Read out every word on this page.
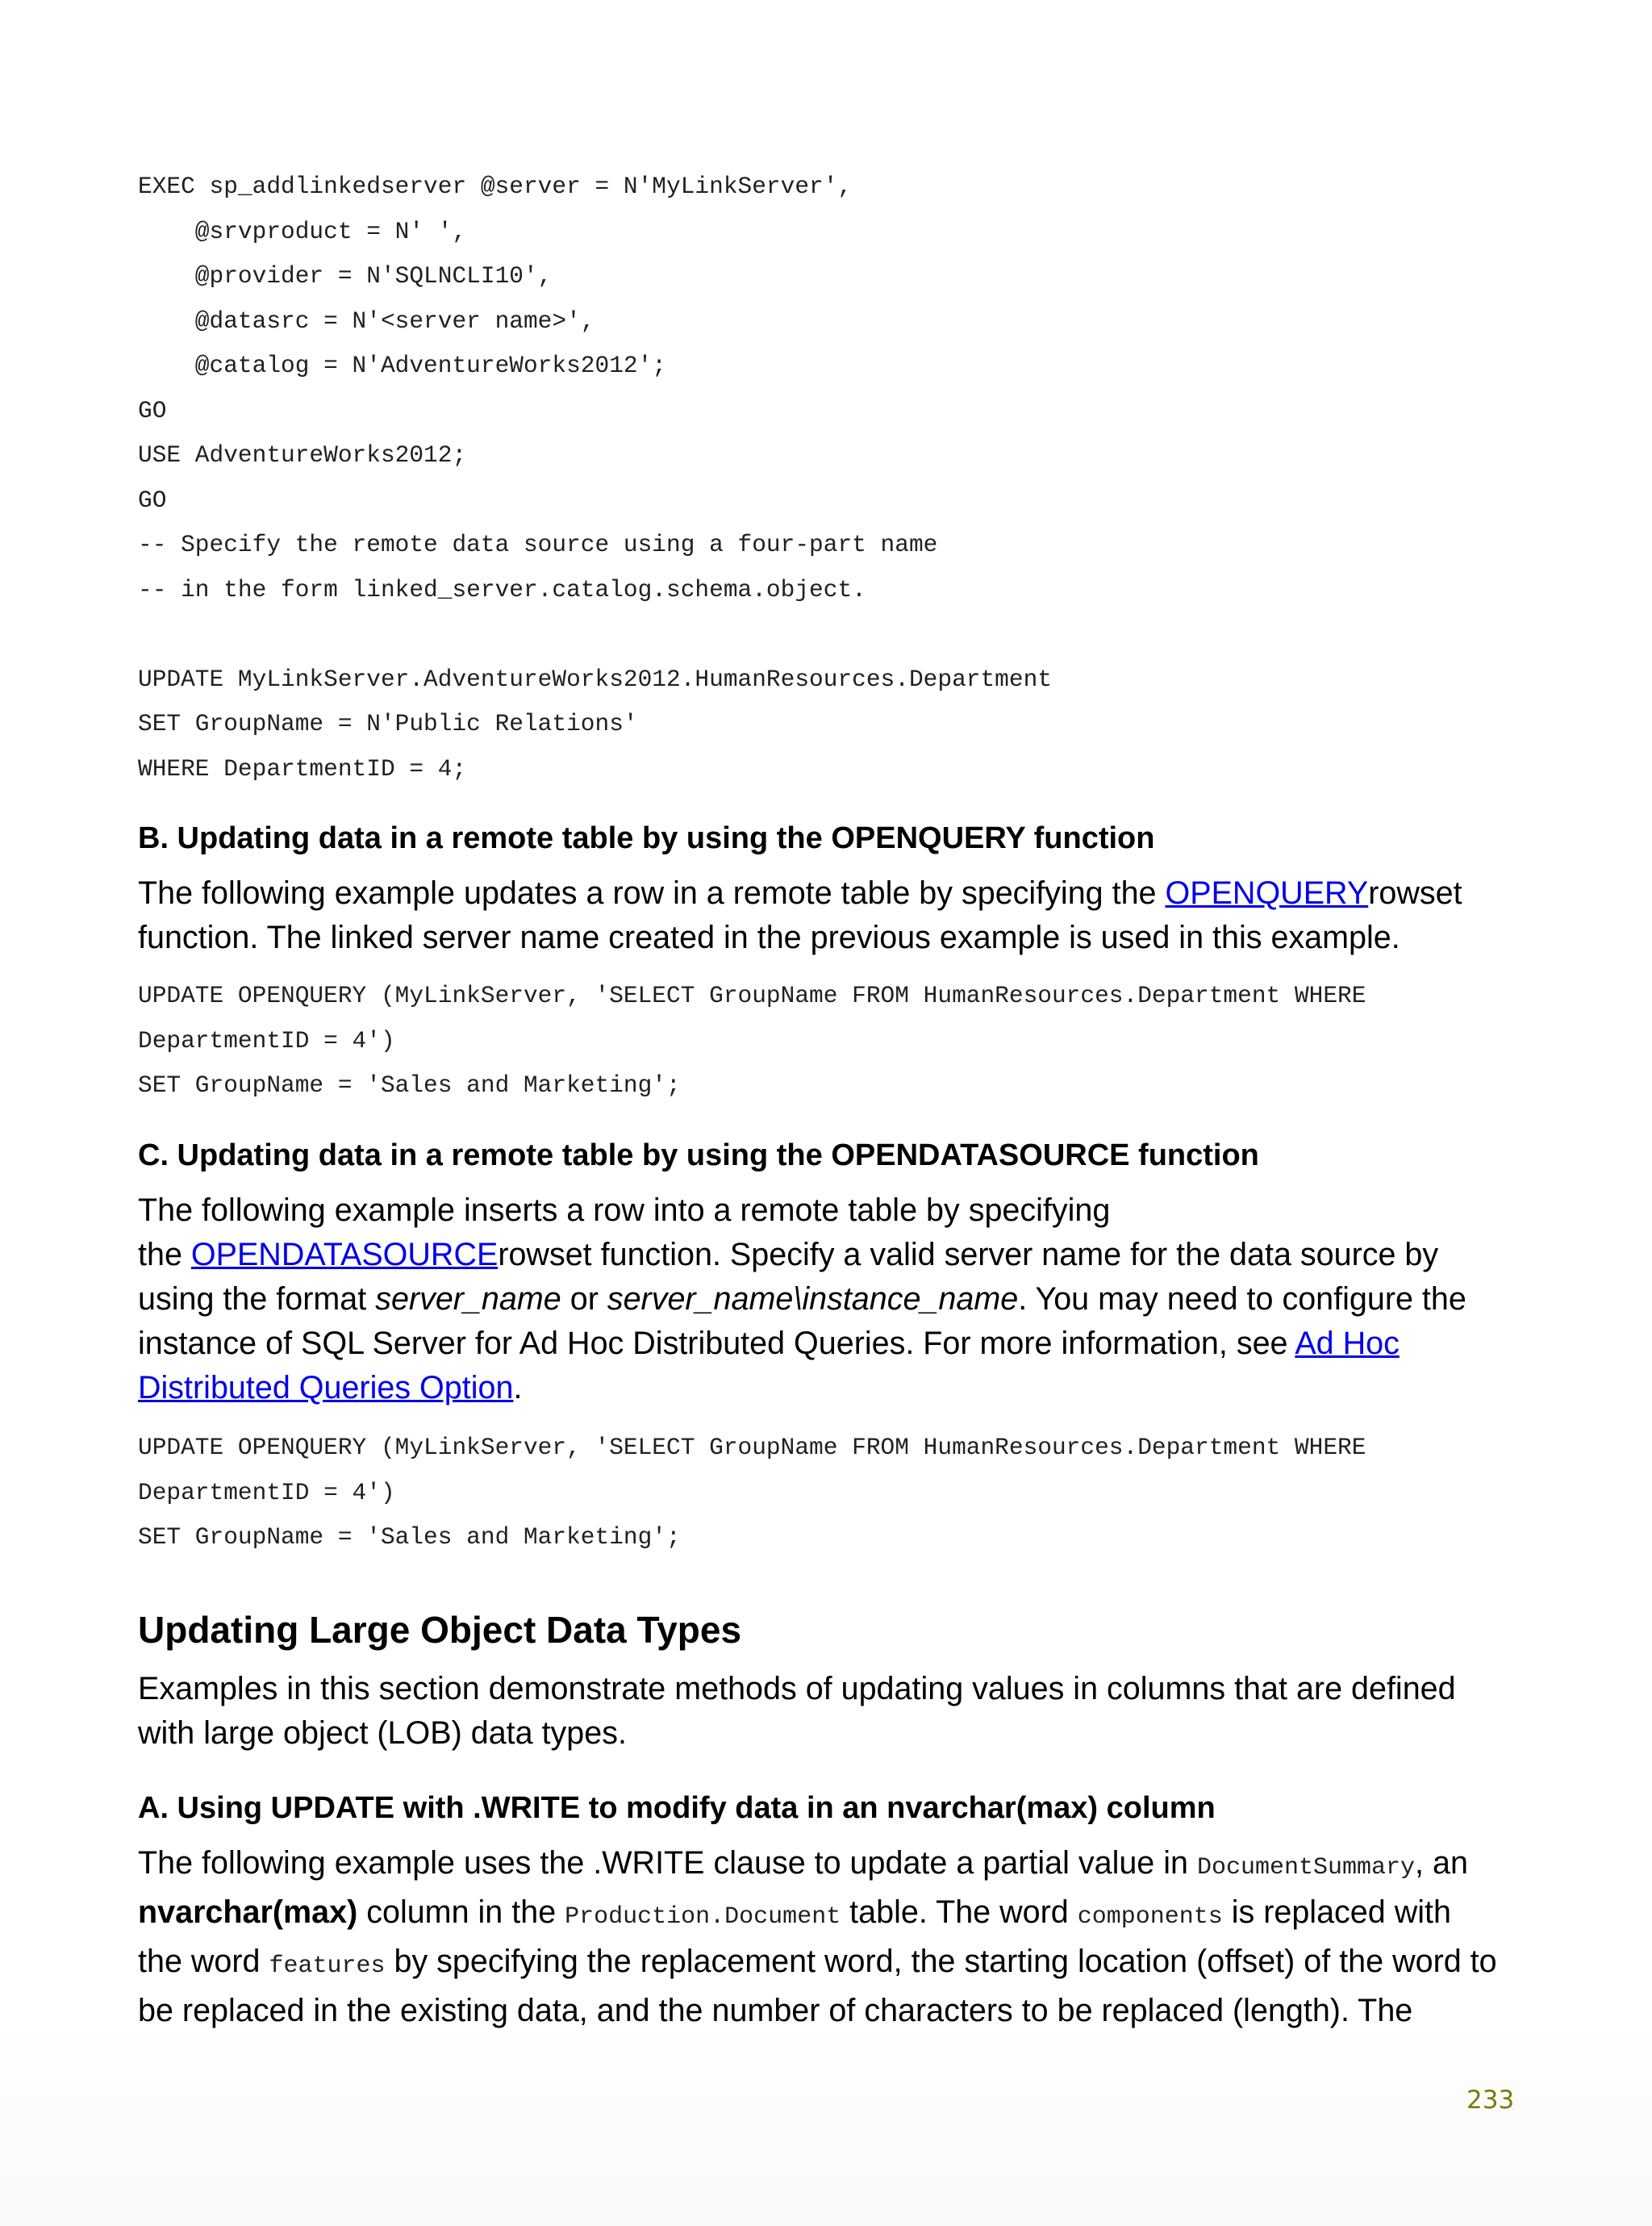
EXEC sp_addlinkedserver @server = N'MyLinkServer',
@srvproduct = N' ',
@provider = N'SQLNCLI10',
@datasrc = N'<server name>',
@catalog = N'AdventureWorks2012';
GO
USE AdventureWorks2012;
GO
-- Specify the remote data source using a four-part name
-- in the form linked_server.catalog.schema.object.
UPDATE MyLinkServer.AdventureWorks2012.HumanResources.Department
SET GroupName = N'Public Relations'
WHERE DepartmentID = 4;
B. Updating data in a remote table by using the OPENQUERY function

The following example updates a row in a remote table by specifying the OPENQUERYrowset
function. The linked server name created in the previous example is used in this example.

UPDATE OPENQUERY (MyLinkServer, 'SELECT GroupName FROM HumanResources.Department WHERE
DepartmentID = 4')
SET GroupName = 'Sales and Marketing';
C. Updating data in a remote table by using the OPENDATASOURCE function

The following example inserts a row into a remote table by specifying
the OPENDATASOURCErowset function. Specify a valid server name for the data source by
using the format server_name or server_name\instance_name. You may need to configure the
instance of SQL Server for Ad Hoc Distributed Queries. For more information, see Ad Hoc
Distributed Queries Option.

UPDATE OPENQUERY (MyLinkServer, 'SELECT GroupName FROM HumanResources.Department WHERE
DepartmentID = 4')
SET GroupName = 'Sales and Marketing';
Updating Large Object Data Types

Examples in this section demonstrate methods of updating values in columns that are defined
with large object (LOB) data types.

A. Using UPDATE with .WRITE to modify data in an nvarchar(max) column

The following example uses the .WRITE clause to update a partial value in DocumentSummary, an
nvarchar(max) column in the Production.Document table. The word components is replaced with
the word features by specifying the replacement word, the starting location (offset) of the word to
be replaced in the existing data, and the number of characters to be replaced (length). The

233
